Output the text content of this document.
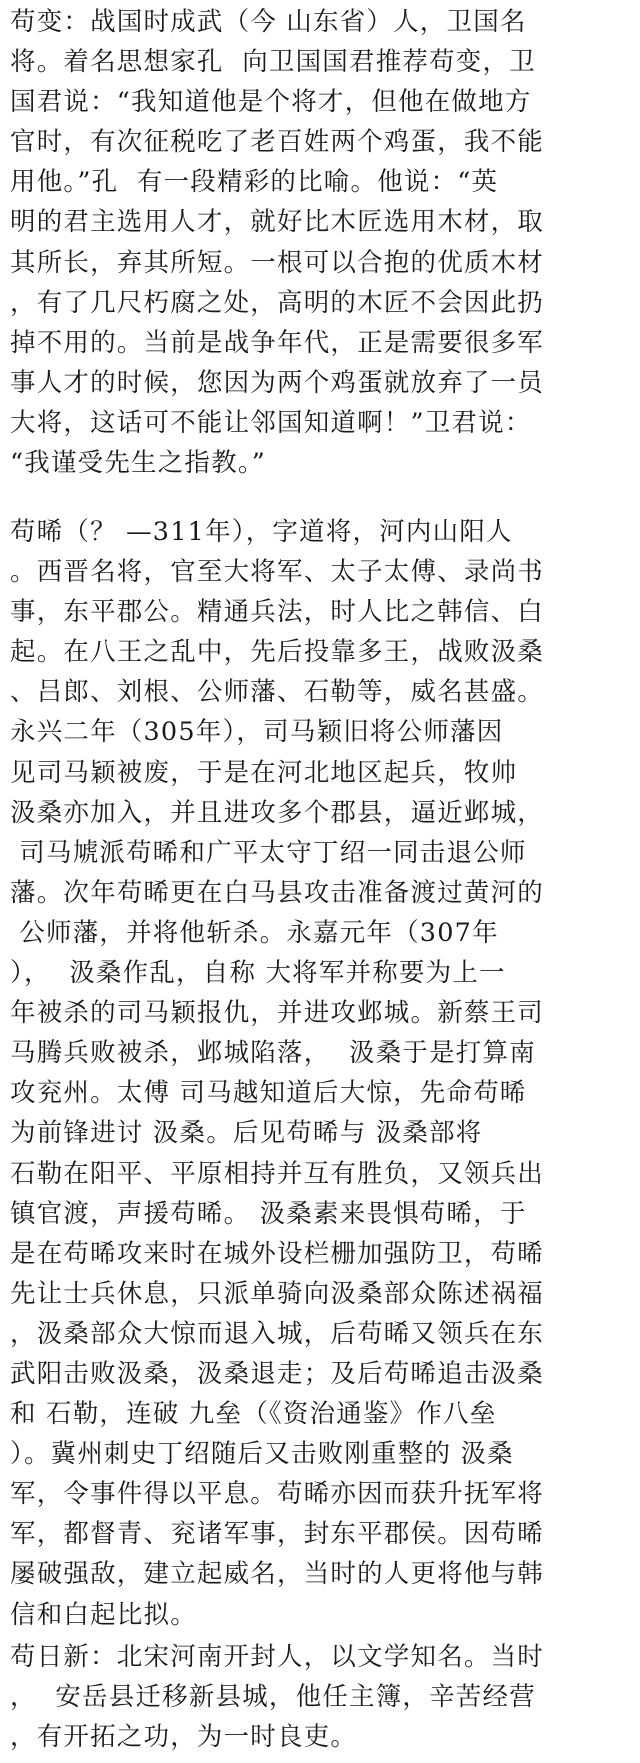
苟变：战国时成武（今 山东省）人，卫国名
将。着名思想家孔  向卫国国君推荐苟变，卫
国君说：“我知道他是个将才，但他在做地方
官时，有次征税吃了老百姓两个鸡蛋，我不能
用他。”孔  有一段精彩的比喻。他说：“英
明的君主选用人才，就好比木匠选用木材，取
其所长，弃其所短。一根可以合抱的优质木材
，有了几尺朽腐之处，高明的木匠不会因此扔
掉不用的。当前是战争年代，正是需要很多军
事人才的时候，您因为两个鸡蛋就放弃了一员
大将，这话可不能让邻国知道啊！”卫君说：
“我谨受先生之指教。”
苟晞（？ —311年），字道将，河内山阳人
。西晋名将，官至大将军、太子太傅、录尚书
事，东平郡公。精通兵法，时人比之韩信、白
起。在八王之乱中，先后投靠多王，战败汲桑
、吕郎、刘根、公师藩、石勒等，威名甚盛。
永兴二年（305年），司马颖旧将公师藩因
见司马颖被废，于是在河北地区起兵，牧帅
汲桑亦加入，并且进攻多个郡县，逼近邺城，
司马虓派苟晞和广平太守丁绍一同击退公师
藩。次年苟晞更在白马县攻击准备渡过黄河的
公师藩，并将他斩杀。永嘉元年（307年
），  汲桑作乱，自称 大将军并称要为上一
年被杀的司马颖报仇，并进攻邺城。新蔡王司
马腾兵败被杀，邺城陷落，  汲桑于是打算南
攻兖州。太傅 司马越知道后大惊，先命苟晞
为前锋进讨 汲桑。后见苟晞与 汲桑部将
石勒在阳平、平原相持并互有胜负，又领兵出
镇官渡，声援苟晞。 汲桑素来畏惧苟晞，于
是在苟晞攻来时在城外设栏栅加强防卫，苟晞
先让士兵休息，只派单骑向汲桑部众陈述祸福
，汲桑部众大惊而退入城，后苟晞又领兵在东
武阳击败汲桑，汲桑退走；及后苟晞追击汲桑
和 石勒，连破 九垒（《资治通鉴》作八垒
）。冀州刺史丁绍随后又击败刚重整的 汲桑
军，令事件得以平息。苟晞亦因而获升抚军将
军，都督青、兖诸军事，封东平郡侯。因苟晞
屡破强敌，建立起威名，当时的人更将他与韩
信和白起比拟。
苟日新：北宋河南开封人，以文学知名。当时
，  安岳县迁移新县城，他任主簿，辛苦经营
，有开拓之功，为一时良吏。
